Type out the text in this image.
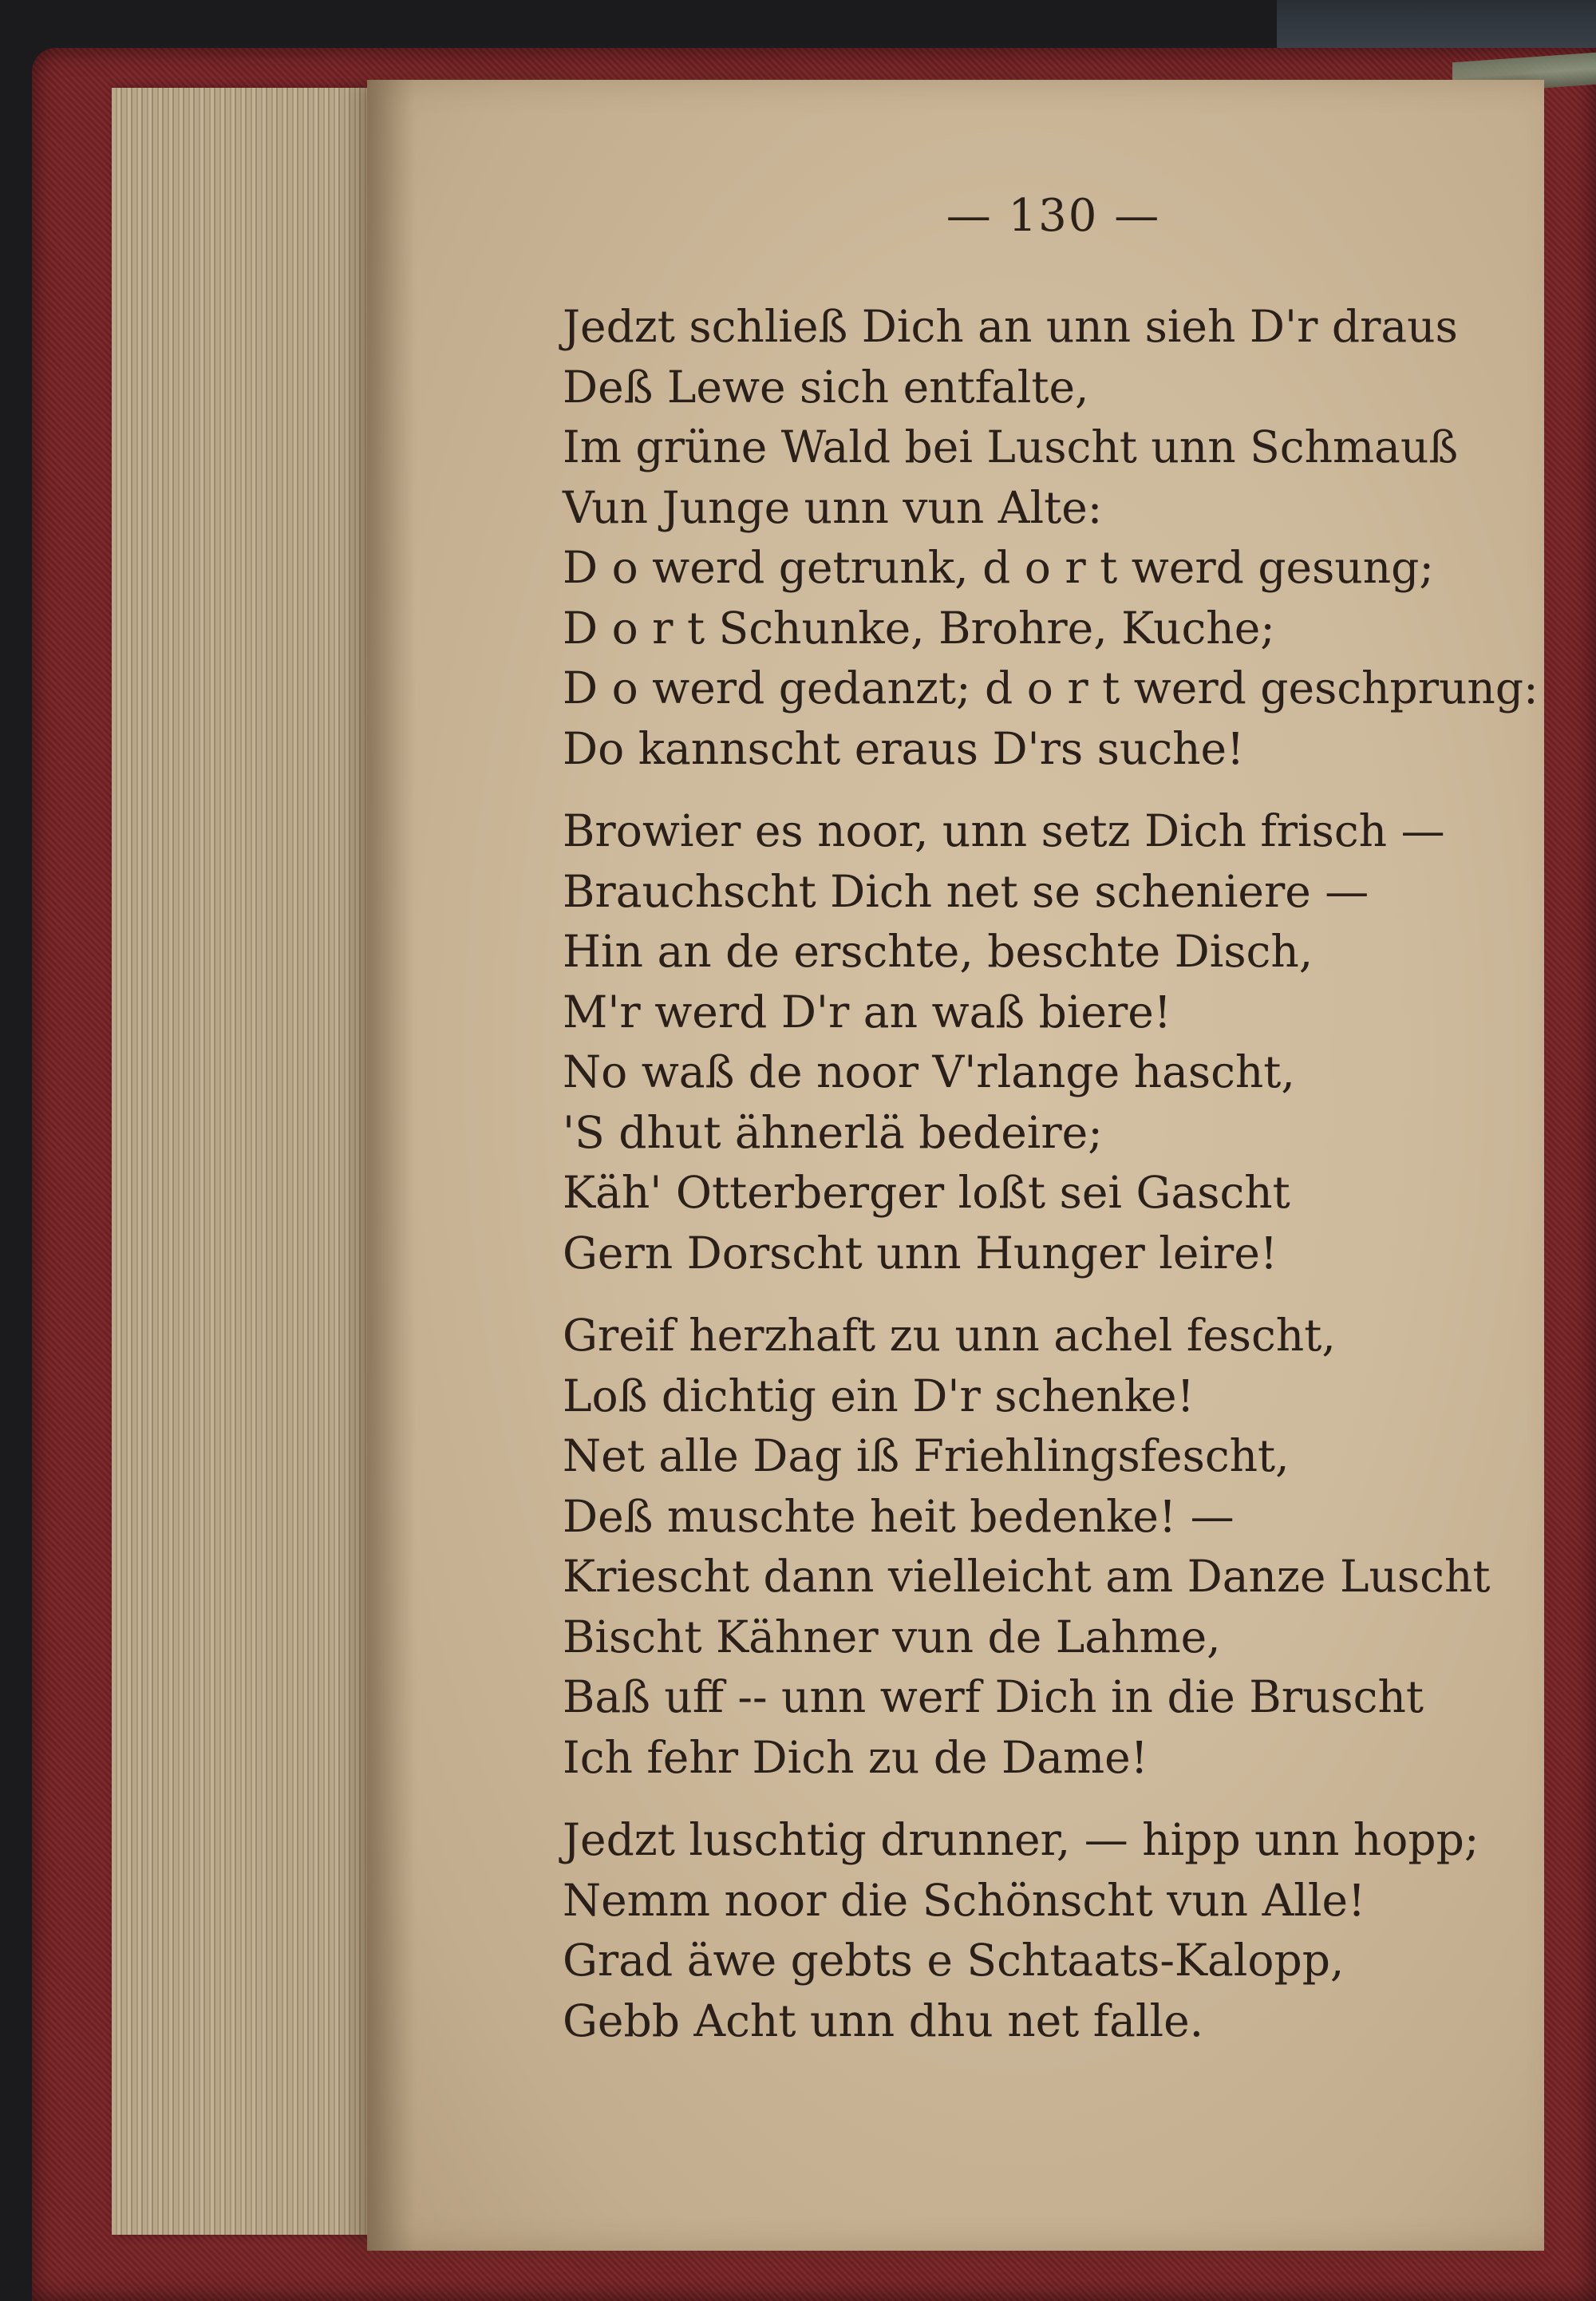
— 130 —
Jedzt schließ Dich an unn sieh D'r draus
Deß Lewe sich entfalte,
Im grüne Wald bei Luscht unn Schmauß
Vun Junge unn vun Alte:
D o werd getrunk, d o r t werd gesung;
D o r t Schunke, Brohre, Kuche;
D o werd gedanzt; d o r t werd geschprung:
Do kannscht eraus D'rs suche!
Browier es noor, unn setz Dich frisch —
Brauchscht Dich net se scheniere —
Hin an de erschte, beschte Disch,
M'r werd D'r an waß biere!
No waß de noor V'rlange hascht,
'S dhut ähnerlä bedeire;
Käh' Otterberger loßt sei Gascht
Gern Dorscht unn Hunger leire!
Greif herzhaft zu unn achel fescht,
Loß dichtig ein D'r schenke!
Net alle Dag iß Friehlingsfescht,
Deß muschte heit bedenke! —
Kriescht dann vielleicht am Danze Luscht
Bischt Kähner vun de Lahme,
Baß uff -- unn werf Dich in die Bruscht
Ich fehr Dich zu de Dame!
Jedzt luschtig drunner, — hipp unn hopp;
Nemm noor die Schönscht vun Alle!
Grad äwe gebts e Schtaats-Kalopp,
Gebb Acht unn dhu net falle.
